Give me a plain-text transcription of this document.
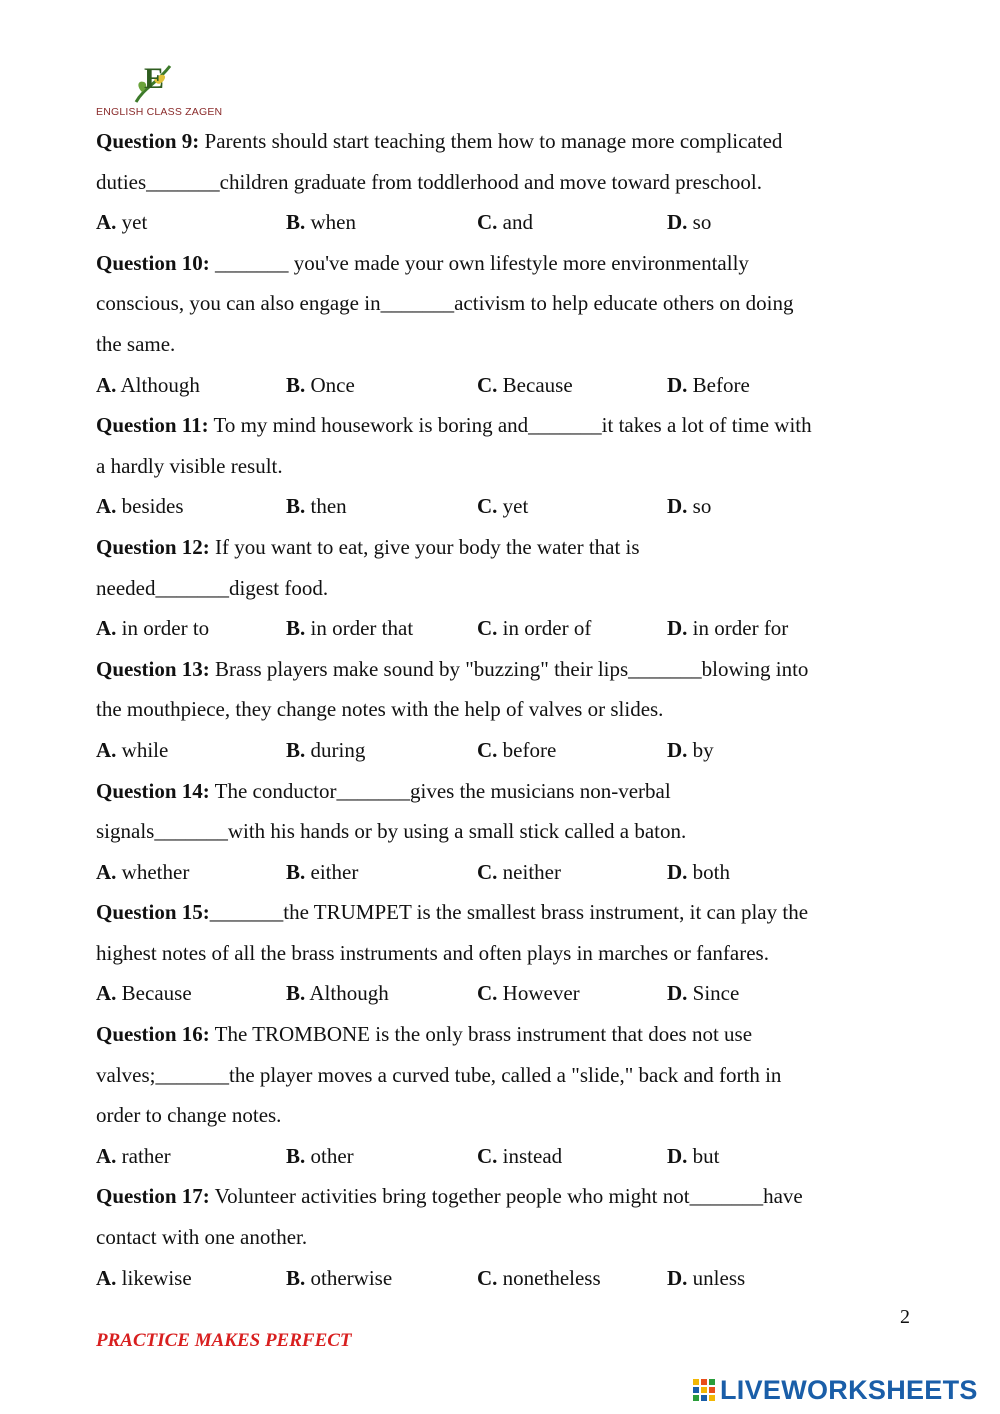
E
ENGLISH CLASS ZAGEN
Question 9: Parents should start teaching them how to manage more complicated
duties_______children graduate from toddlerhood and move toward preschool.
A. yet	B. when	C. and	D. so
Question 10: _______ you've made your own lifestyle more environmentally
conscious, you can also engage in_______activism to help educate others on doing
the same.
A. Although	B. Once	C. Because	D. Before
Question 11: To my mind housework is boring and_______it takes a lot of time with
a hardly visible result.
A. besides	B. then	C. yet	D. so
Question 12: If you want to eat, give your body the water that is
needed_______digest food.
A. in order to	B. in order that	C. in order of	D. in order for
Question 13: Brass players make sound by "buzzing" their lips_______blowing into
the mouthpiece, they change notes with the help of valves or slides.
A. while	B. during	C. before	D. by
Question 14: The conductor_______gives the musicians non-verbal
signals_______with his hands or by using a small stick called a baton.
A. whether	B. either	C. neither	D. both
Question 15:_______the TRUMPET is the smallest brass instrument, it can play the
highest notes of all the brass instruments and often plays in marches or fanfares.
A. Because	B. Although	C. However	D. Since
Question 16: The TROMBONE is the only brass instrument that does not use
valves;_______the player moves a curved tube, called a "slide," back and forth in
order to change notes.
A. rather	B. other	C. instead	D. but
Question 17: Volunteer activities bring together people who might not_______have
contact with one another.
A. likewise	B. otherwise	C. nonetheless	D. unless
2
PRACTICE MAKES PERFECT
LIVEWORKSHEETS
